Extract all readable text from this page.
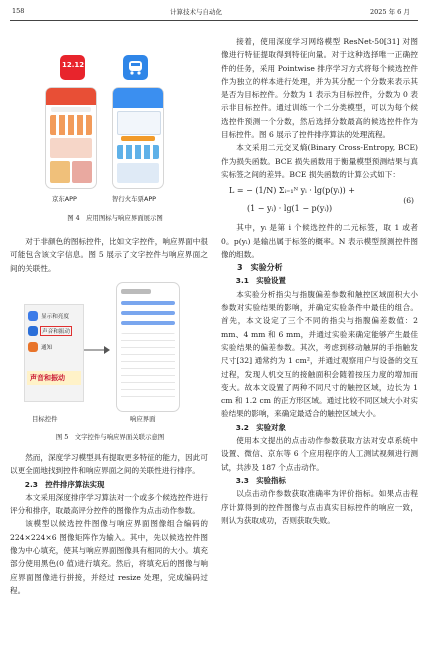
158	计算技术与自动化	2025 年 6 月
12.12
京东APP	智行火车票APP
图 4　应用图标与响应界面展示图

对于非颜色的图标控件，比如文字控件，响应界面中很可能包含该文字信息。图 5 展示了文字控件与响应界面之间的关联性。

显示和亮度
声音和振动
通知
声音和振动
目标控件	响应界面
图 5　文字控件与响应界面关联示意图

然而，深度学习模型具有提取更多特征的能力，因此可以更全面地找到控件和响应界面之间的关联性进行排序。

2.3　控件排序算法实现

本文采用深度排序学习算法对一个或多个候选控件进行评分和排序，取最高评分控件的图像作为点击动作参数。

该模型以候选控件图像与响应界面图像组合编码的 224×224×6 图像矩阵作为输入。其中，先以候选控件图像为中心填充，使其与响应界面图像具有相同的大小。填充部分使用黑色(0 值)进行填充。然后，将填充后的图像与响应界面图像进行拼接，并经过 resize 处理，完成编码过程。

接着，使用深度学习网络模型 ResNet-50[31] 对图像进行特征提取得到特征向量。对于这种选择唯一正确控件的任务，采用 Pointwise 排序学习方式将每个候选控件作为独立的样本进行处理，并为其分配一个分数来表示其是否为目标控件。分数为 1 表示为目标控件，分数为 0 表示非目标控件。通过训练一个二分类模型，可以为每个候选控件预测一个分数，然后选择分数最高的候选控件作为目标控件。图 6 展示了控件排序算法的处理流程。

本文采用二元交叉熵(Binary Cross-Entropy, BCE)作为损失函数。BCE 损失函数用于衡量模型预测结果与真实标签之间的差异。BCE 损失函数的计算公式如下：

L = − (1/N) Σᵢ₌₁ᴺ yᵢ · lg(p(yᵢ)) +
(1 − yᵢ) · lg(1 − p(yᵢ))
(6)

其中，yᵢ 是第 i 个候选控件的二元标签，取 1 或者 0。p(yᵢ) 是输出属于标签的概率。N 表示模型预测控件图像的组数。

3　实验分析

3.1　实验设置

本实验分析指尖与指腹偏差参数和触控区域面积大小参数对实验结果的影响，并确定实验条件中最佳的组合。首先，本文设定了三个不同的指尖与指腹偏差数值：2 mm、4 mm 和 6 mm，并通过实验来确定能够产生最佳实验结果的偏差参数。其次，考虑到移动触屏的手指触发尺寸[32] 通常约为 1 cm²，并通过观察用户与设备的交互过程，发现人机交互的接触面积会随着按压力度的增加而变大。故本文设置了两种不同尺寸的触控区域，边长为 1 cm 和 1.2 cm 的正方形区域。通过比较不同区域大小对实验结果的影响，来确定最适合的触控区域大小。

3.2　实验对象

使用本文提出的点击动作参数获取方法对安卓系统中设置、微信、京东等 6 个应用程序的人工测试视频进行测试，共涉及 187 个点击动作。

3.3　实验指标

以点击动作参数获取准确率为评价指标。如果点击程序计算得到的控件图像与点击真实目标控件的响应一致，则认为获取成功，否则获取失败。
